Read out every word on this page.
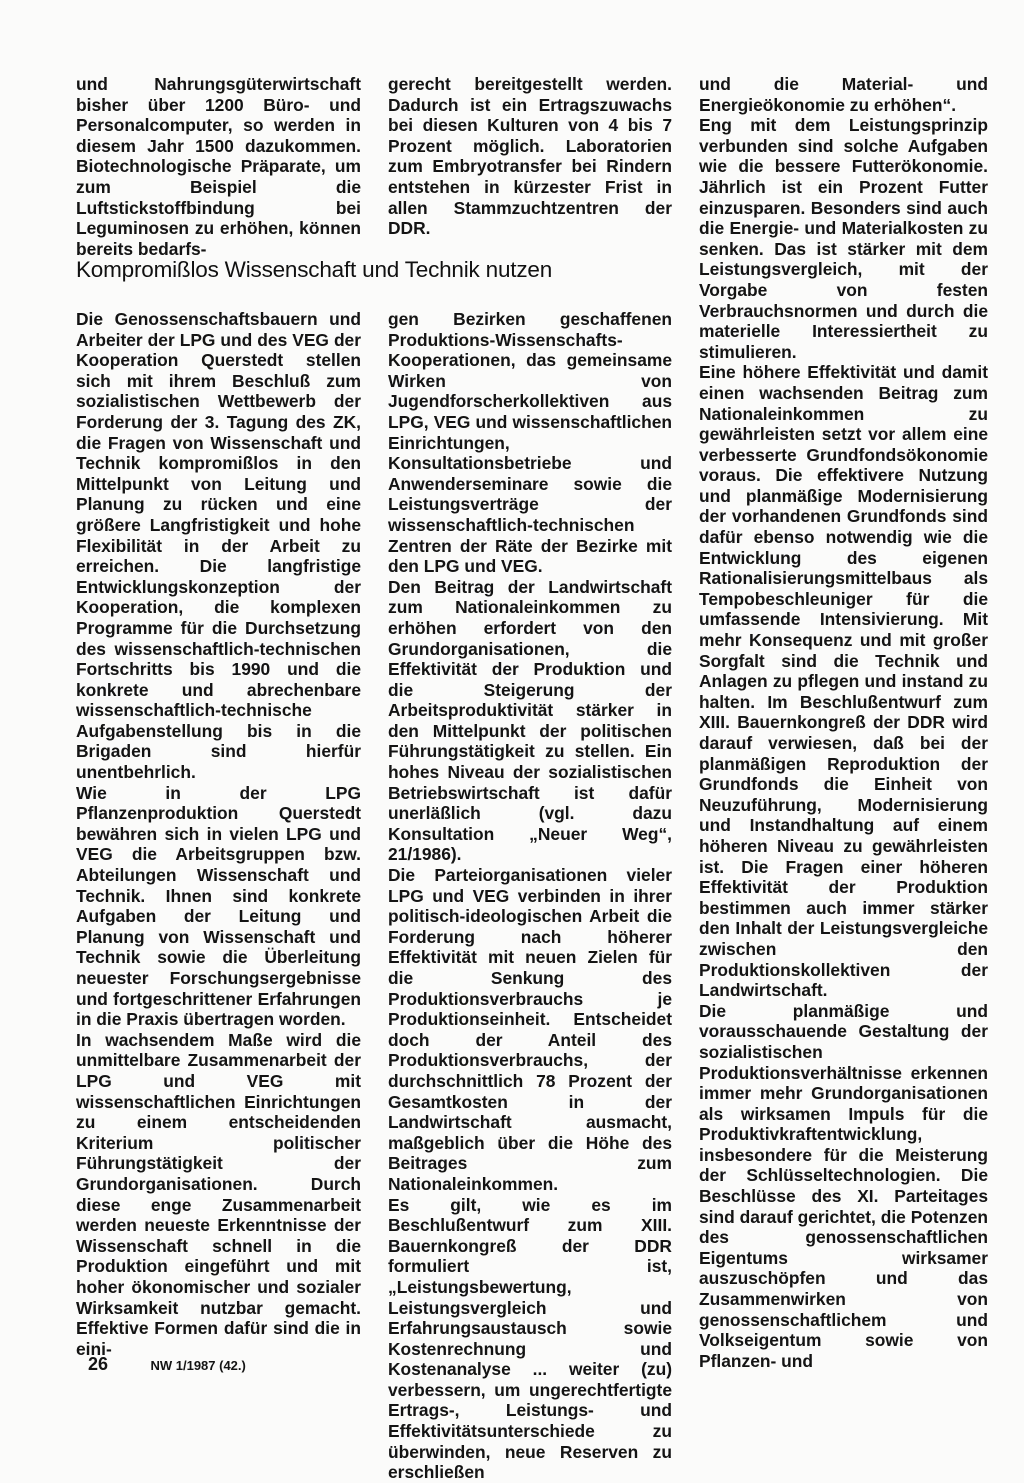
und Nahrungsgüterwirtschaft bisher über 1200 Büro- und Personalcomputer, so werden in diesem Jahr 1500 dazukommen. Biotechnologische Präparate, um zum Beispiel die Luftstickstoffbindung bei Leguminosen zu erhöhen, können bereits bedarfs-

gerecht bereitgestellt werden. Dadurch ist ein Ertragszuwachs bei diesen Kulturen von 4 bis 7 Prozent möglich. Laboratorien zum Embryotransfer bei Rindern entstehen in kürzester Frist in allen Stammzuchtzentren der DDR.

Kompromißlos Wissenschaft und Technik nutzen

Die Genossenschaftsbauern und Arbeiter der LPG und des VEG der Kooperation Querstedt stellen sich mit ihrem Beschluß zum sozialistischen Wettbewerb der Forderung der 3. Tagung des ZK, die Fragen von Wissenschaft und Technik kompromißlos in den Mittelpunkt von Leitung und Planung zu rücken und eine größere Langfristigkeit und hohe Flexibilität in der Arbeit zu erreichen. Die langfristige Entwicklungskonzeption der Kooperation, die komplexen Programme für die Durchsetzung des wissenschaftlich-technischen Fortschritts bis 1990 und die konkrete und abrechenbare wissenschaftlich-technische Aufgabenstellung bis in die Brigaden sind hierfür unentbehrlich.

Wie in der LPG Pflanzenproduktion Querstedt bewähren sich in vielen LPG und VEG die Arbeitsgruppen bzw. Abteilungen Wissenschaft und Technik. Ihnen sind konkrete Aufgaben der Leitung und Planung von Wissenschaft und Technik sowie die Überleitung neuester Forschungsergebnisse und fortgeschrittener Erfahrungen in die Praxis übertragen worden.

In wachsendem Maße wird die unmittelbare Zusammenarbeit der LPG und VEG mit wissenschaftlichen Einrichtungen zu einem entscheidenden Kriterium politischer Führungstätigkeit der Grundorganisationen. Durch diese enge Zusammenarbeit werden neueste Erkenntnisse der Wissenschaft schnell in die Produktion eingeführt und mit hoher ökonomischer und sozialer Wirksamkeit nutzbar gemacht. Effektive Formen dafür sind die in eini-

gen Bezirken geschaffenen Produktions-Wissenschafts-Kooperationen, das gemeinsame Wirken von Jugendforscherkollektiven aus LPG, VEG und wissenschaftlichen Einrichtungen, Konsultationsbetriebe und Anwenderseminare sowie die Leistungsverträge der wissenschaftlich-technischen Zentren der Räte der Bezirke mit den LPG und VEG.

Den Beitrag der Landwirtschaft zum Nationaleinkommen zu erhöhen erfordert von den Grundorganisationen, die Effektivität der Produktion und die Steigerung der Arbeitsproduktivität stärker in den Mittelpunkt der politischen Führungstätigkeit zu stellen. Ein hohes Niveau der sozialistischen Betriebswirtschaft ist dafür unerläßlich (vgl. dazu Konsultation „Neuer Weg“, 21/1986).

Die Parteiorganisationen vieler LPG und VEG verbinden in ihrer politisch-ideologischen Arbeit die Forderung nach höherer Effektivität mit neuen Zielen für die Senkung des Produktionsverbrauchs je Produktionseinheit. Entscheidet doch der Anteil des Produktionsverbrauchs, der durchschnittlich 78 Prozent der Gesamtkosten in der Landwirtschaft ausmacht, maßgeblich über die Höhe des Beitrages zum Nationaleinkommen.

Es gilt, wie es im Beschlußentwurf zum XIII. Bauernkongreß der DDR formuliert ist, „Leistungsbewertung, Leistungsvergleich und Erfahrungsaustausch sowie Kostenrechnung und Kostenanalyse ... weiter (zu) verbessern, um ungerechtfertigte Ertrags-, Leistungs- und Effektivitätsunterschiede zu überwinden, neue Reserven zu erschließen

und die Material- und Energieökonomie zu erhöhen“.

Eng mit dem Leistungsprinzip verbunden sind solche Aufgaben wie die bessere Futterökonomie. Jährlich ist ein Prozent Futter einzusparen. Besonders sind auch die Energie- und Materialkosten zu senken. Das ist stärker mit dem Leistungsvergleich, mit der Vorgabe von festen Verbrauchsnormen und durch die materielle Interessiertheit zu stimulieren.

Eine höhere Effektivität und damit einen wachsenden Beitrag zum Nationaleinkommen zu gewährleisten setzt vor allem eine verbesserte Grundfondsökonomie voraus. Die effektivere Nutzung und planmäßige Modernisierung der vorhandenen Grundfonds sind dafür ebenso notwendig wie die Entwicklung des eigenen Rationalisierungsmittelbaus als Tempobeschleuniger für die umfassende Intensivierung. Mit mehr Konsequenz und mit großer Sorgfalt sind die Technik und Anlagen zu pflegen und instand zu halten. Im Beschlußentwurf zum XIII. Bauernkongreß der DDR wird darauf verwiesen, daß bei der planmäßigen Reproduktion der Grundfonds die Einheit von Neuzuführung, Modernisierung und Instandhaltung auf einem höheren Niveau zu gewährleisten ist. Die Fragen einer höheren Effektivität der Produktion bestimmen auch immer stärker den Inhalt der Leistungsvergleiche zwischen den Produktionskollektiven der Landwirtschaft.

Die planmäßige und vorausschauende Gestaltung der sozialistischen Produktionsverhältnisse erkennen immer mehr Grundorganisationen als wirksamen Impuls für die Produktivkraftentwicklung, insbesondere für die Meisterung der Schlüsseltechnologien. Die Beschlüsse des XI. Parteitages sind darauf gerichtet, die Potenzen des genossenschaftlichen Eigentums wirksamer auszuschöpfen und das Zusammenwirken von genossenschaftlichem und Volkseigentum sowie von Pflanzen- und

26	NW 1/1987 (42.)
